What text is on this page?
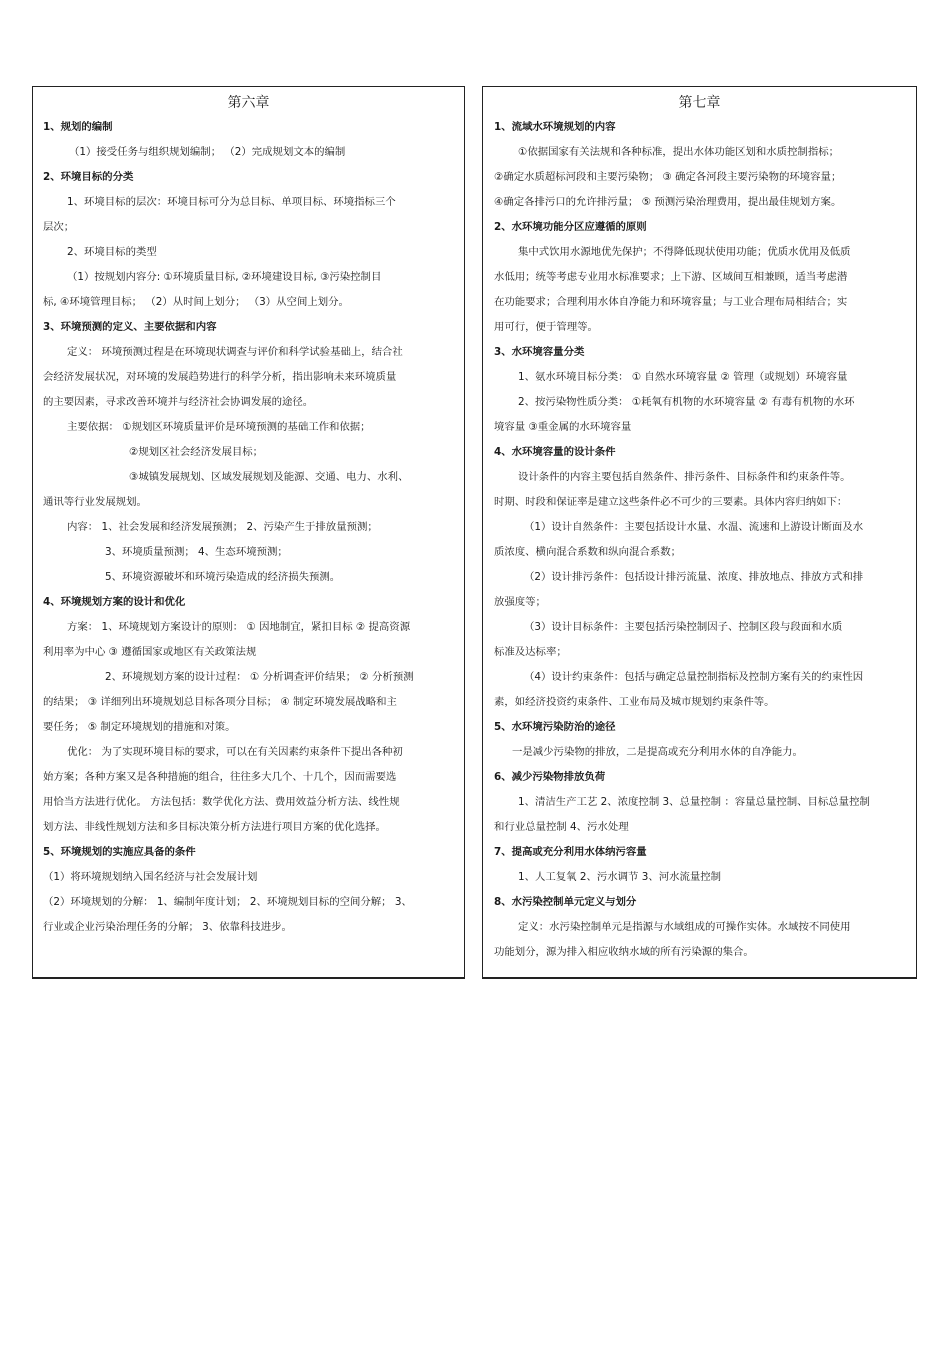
第六章
1、规划的编制
（1）接受任务与组织规划编制； （2）完成规划文本的编制
2、环境目标的分类
1、环境目标的层次：环境目标可分为总目标、单项目标、环境指标三个
层次；
2、环境目标的类型
（1）按规划内容分: ①环境质量目标, ②环境建设目标, ③污染控制目
标, ④环境管理目标； （2）从时间上划分； （3）从空间上划分。
3、环境预测的定义、主要依据和内容
定义： 环境预测过程是在环境现状调查与评价和科学试验基础上，结合社
会经济发展状况，对环境的发展趋势进行的科学分析，指出影响未来环境质量
的主要因素，寻求改善环境并与经济社会协调发展的途径。
主要依据： ①规划区环境质量评价是环境预测的基础工作和依据；
②规划区社会经济发展目标；
③城镇发展规划、区域发展规划及能源、交通、电力、水利、
通讯等行业发展规划。
内容： 1、社会发展和经济发展预测； 2、污染产生于排放量预测；
3、环境质量预测； 4、生态环境预测；
5、环境资源破坏和环境污染造成的经济损失预测。
4、环境规划方案的设计和优化
方案： 1、环境规划方案设计的原则： ① 因地制宜，紧扣目标 ② 提高资源
利用率为中心 ③ 遵循国家或地区有关政策法规
2、环境规划方案的设计过程： ① 分析调查评价结果； ② 分析预测
的结果； ③ 详细列出环境规划总目标各项分目标； ④ 制定环境发展战略和主
要任务； ⑤ 制定环境规划的措施和对策。
优化： 为了实现环境目标的要求，可以在有关因素约束条件下提出各种初
始方案；各种方案又是各种措施的组合，往往多大几个、十几个，因而需要选
用恰当方法进行优化。 方法包括：数学优化方法、费用效益分析方法、线性规
划方法、非线性规划方法和多目标决策分析方法进行项目方案的优化选择。
5、环境规划的实施应具备的条件
（1）将环境规划纳入国名经济与社会发展计划
（2）环境规划的分解： 1、编制年度计划； 2、环境规划目标的空间分解； 3、
行业或企业污染治理任务的分解； 3、依靠科技进步。
第七章
1、流域水环境规划的内容
①依据国家有关法规和各种标准，提出水体功能区划和水质控制指标；
②确定水质超标河段和主要污染物； ③ 确定各河段主要污染物的环境容量；
④确定各排污口的允许排污量； ⑤ 预测污染治理费用，提出最佳规划方案。
2、水环境功能分区应遵循的原则
集中式饮用水源地优先保护；不得降低现状使用功能；优质水优用及低质
水低用；统等考虑专业用水标准要求；上下游、区域间互相兼顾，适当考虑潜
在功能要求；合理利用水体自净能力和环境容量；与工业合理布局相结合；实
用可行，便于管理等。
3、水环境容量分类
1、氨水环境目标分类： ① 自然水环境容量 ② 管理（或规划）环境容量
2、按污染物性质分类： ①耗氧有机物的水环境容量 ② 有毒有机物的水环
境容量 ③重金属的水环境容量
4、水环境容量的设计条件
设计条件的内容主要包括自然条件、排污条件、目标条件和约束条件等。
时期、时段和保证率是建立这些条件必不可少的三要素。具体内容归纳如下：
（1）设计自然条件：主要包括设计水量、水温、流速和上游设计断面及水
质浓度、横向混合系数和纵向混合系数；
（2）设计排污条件：包括设计排污流量、浓度、排放地点、排放方式和排
放强度等；
（3）设计目标条件：主要包括污染控制因子、控制区段与段面和水质
标准及达标率；
（4）设计约束条件：包括与确定总量控制指标及控制方案有关的约束性因
素，如经济投资约束条件、工业布局及城市规划约束条件等。
5、水环境污染防治的途径
一是减少污染物的排放，二是提高或充分利用水体的自净能力。
6、减少污染物排放负荷
1、清洁生产工艺 2、浓度控制 3、总量控制 ：容量总量控制、目标总量控制
和行业总量控制 4、污水处理
7、提高或充分利用水体纳污容量
1、人工复氧 2、污水调节 3、河水流量控制
8、水污染控制单元定义与划分
定义：水污染控制单元是指源与水域组成的可操作实体。水域按不同使用
功能划分，源为排入相应收纳水域的所有污染源的集合。
